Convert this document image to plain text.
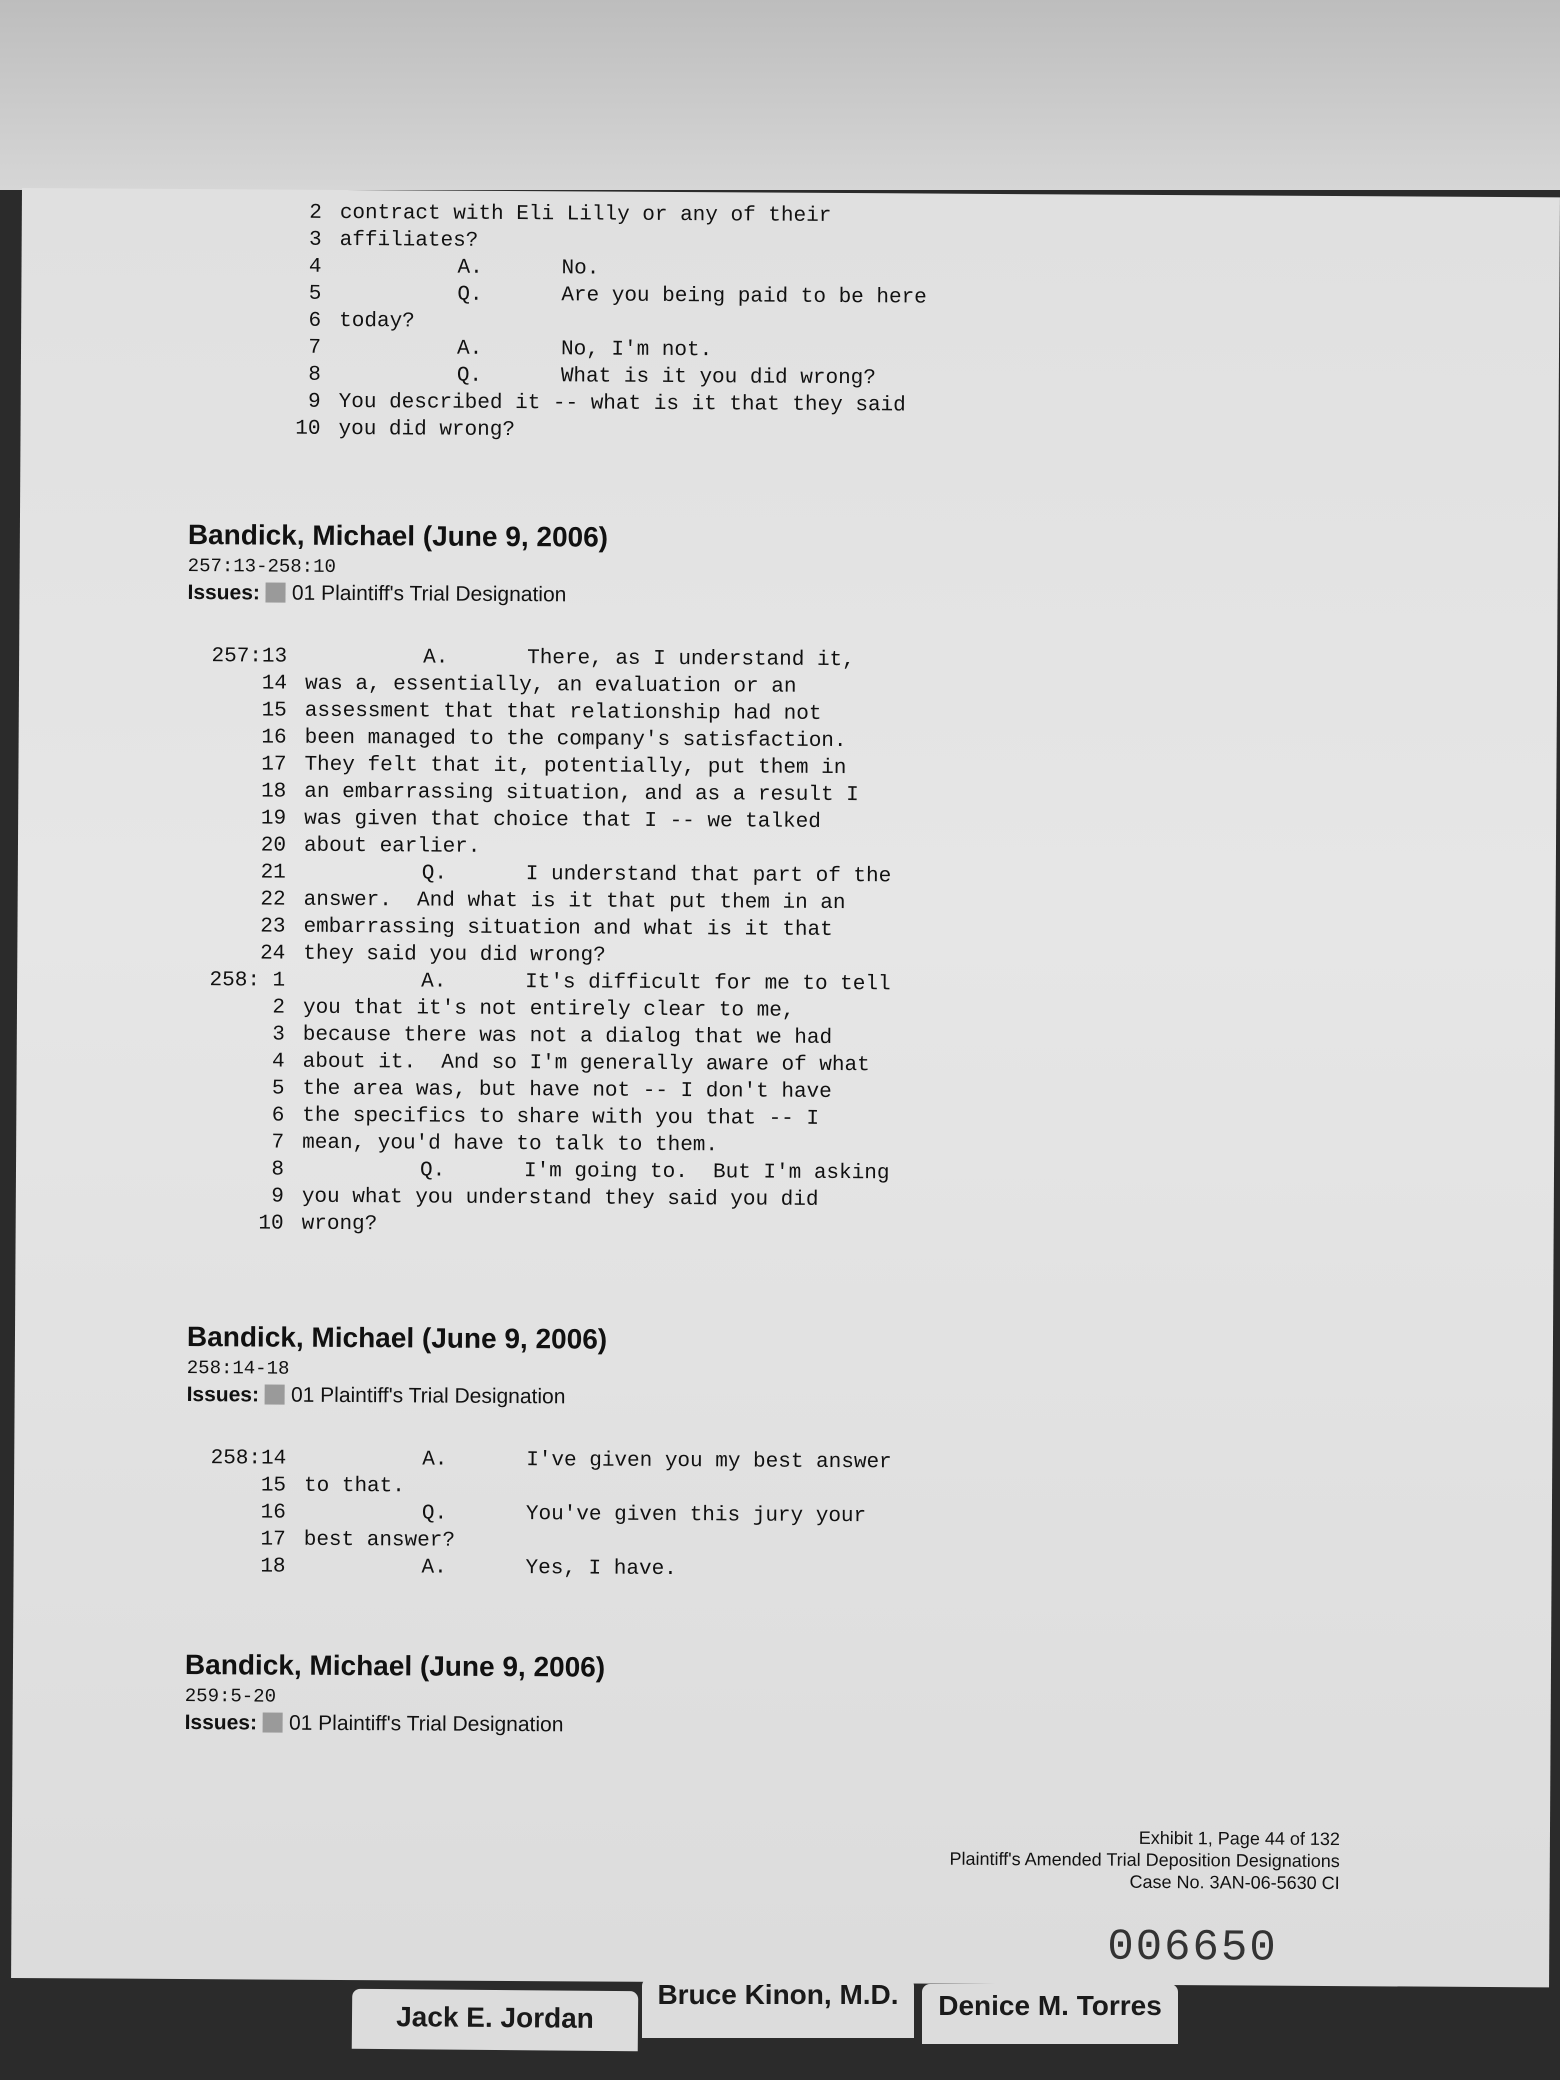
2 contract with Eli Lilly or any of their
3 affiliates?
4	A.	No.
5	Q.	Are you being paid to be here
6 today?
7	A.	No, I'm not.
8	Q.	What is it you did wrong?
9 You described it -- what is it that they said
10 you did wrong?
Bandick, Michael (June 9, 2006)
257:13-258:10
Issues: 01 Plaintiff's Trial Designation
257:13	A.	There, as I understand it,
14 was a, essentially, an evaluation or an
15 assessment that that relationship had not
16 been managed to the company's satisfaction.
17 They felt that it, potentially, put them in
18 an embarrassing situation, and as a result I
19 was given that choice that I -- we talked
20 about earlier.
21	Q.	I understand that part of the
22 answer.  And what is it that put them in an
23 embarrassing situation and what is it that
24 they said you did wrong?
258: 1	A.	It's difficult for me to tell
2 you that it's not entirely clear to me,
3 because there was not a dialog that we had
4 about it.  And so I'm generally aware of what
5 the area was, but have not -- I don't have
6 the specifics to share with you that -- I
7 mean, you'd have to talk to them.
8	Q.	I'm going to.  But I'm asking
9 you what you understand they said you did
10 wrong?
Bandick, Michael (June 9, 2006)
258:14-18
Issues: 01 Plaintiff's Trial Designation
258:14	A.	I've given you my best answer
15 to that.
16	Q.	You've given this jury your
17 best answer?
18	A.	Yes, I have.
Bandick, Michael (June 9, 2006)
259:5-20
Issues: 01 Plaintiff's Trial Designation
Exhibit 1, Page 44 of 132
Plaintiff's Amended Trial Deposition Designations
Case No. 3AN-06-5630 CI
006650
Jack E. Jordan
Bruce Kinon, M.D.	Denice M. Torres
